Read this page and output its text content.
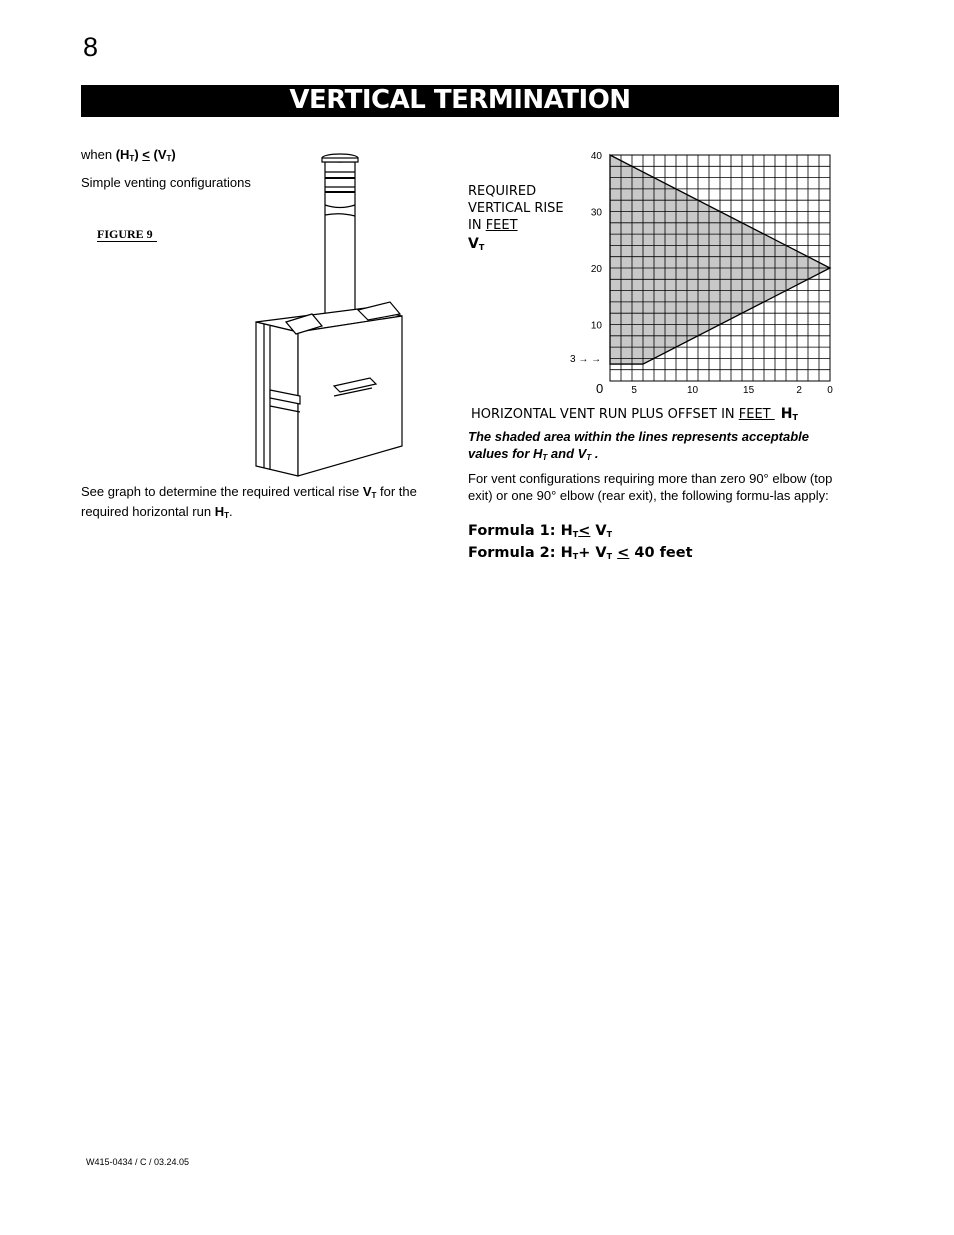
8
VERTICAL TERMINATION
when $(H_T) < (V_T)$
Simple venting configurations
FIGURE 9
See graph to determine the required vertical rise $V_T$ for the required horizontal run $H_T$.
REQUIRED
VERTICAL RISE
IN FEET
$V_T$
40
30
20
10
5	10	15	2	0
0
3 → →
HORIZONTAL VENT RUN PLUS OFFSET IN FEET $H_T$
The shaded area within the lines represents acceptable values for $H_T$ and $V_T$ .
For vent configurations requiring more than zero 90° elbow (top exit) or one 90° elbow (rear exit), the following formu-las apply:
Formula 1: $H_T< V_T$
Formula 2: $H_T+ V_T < 40$ feet
W415-0434 / C / 03.24.05
